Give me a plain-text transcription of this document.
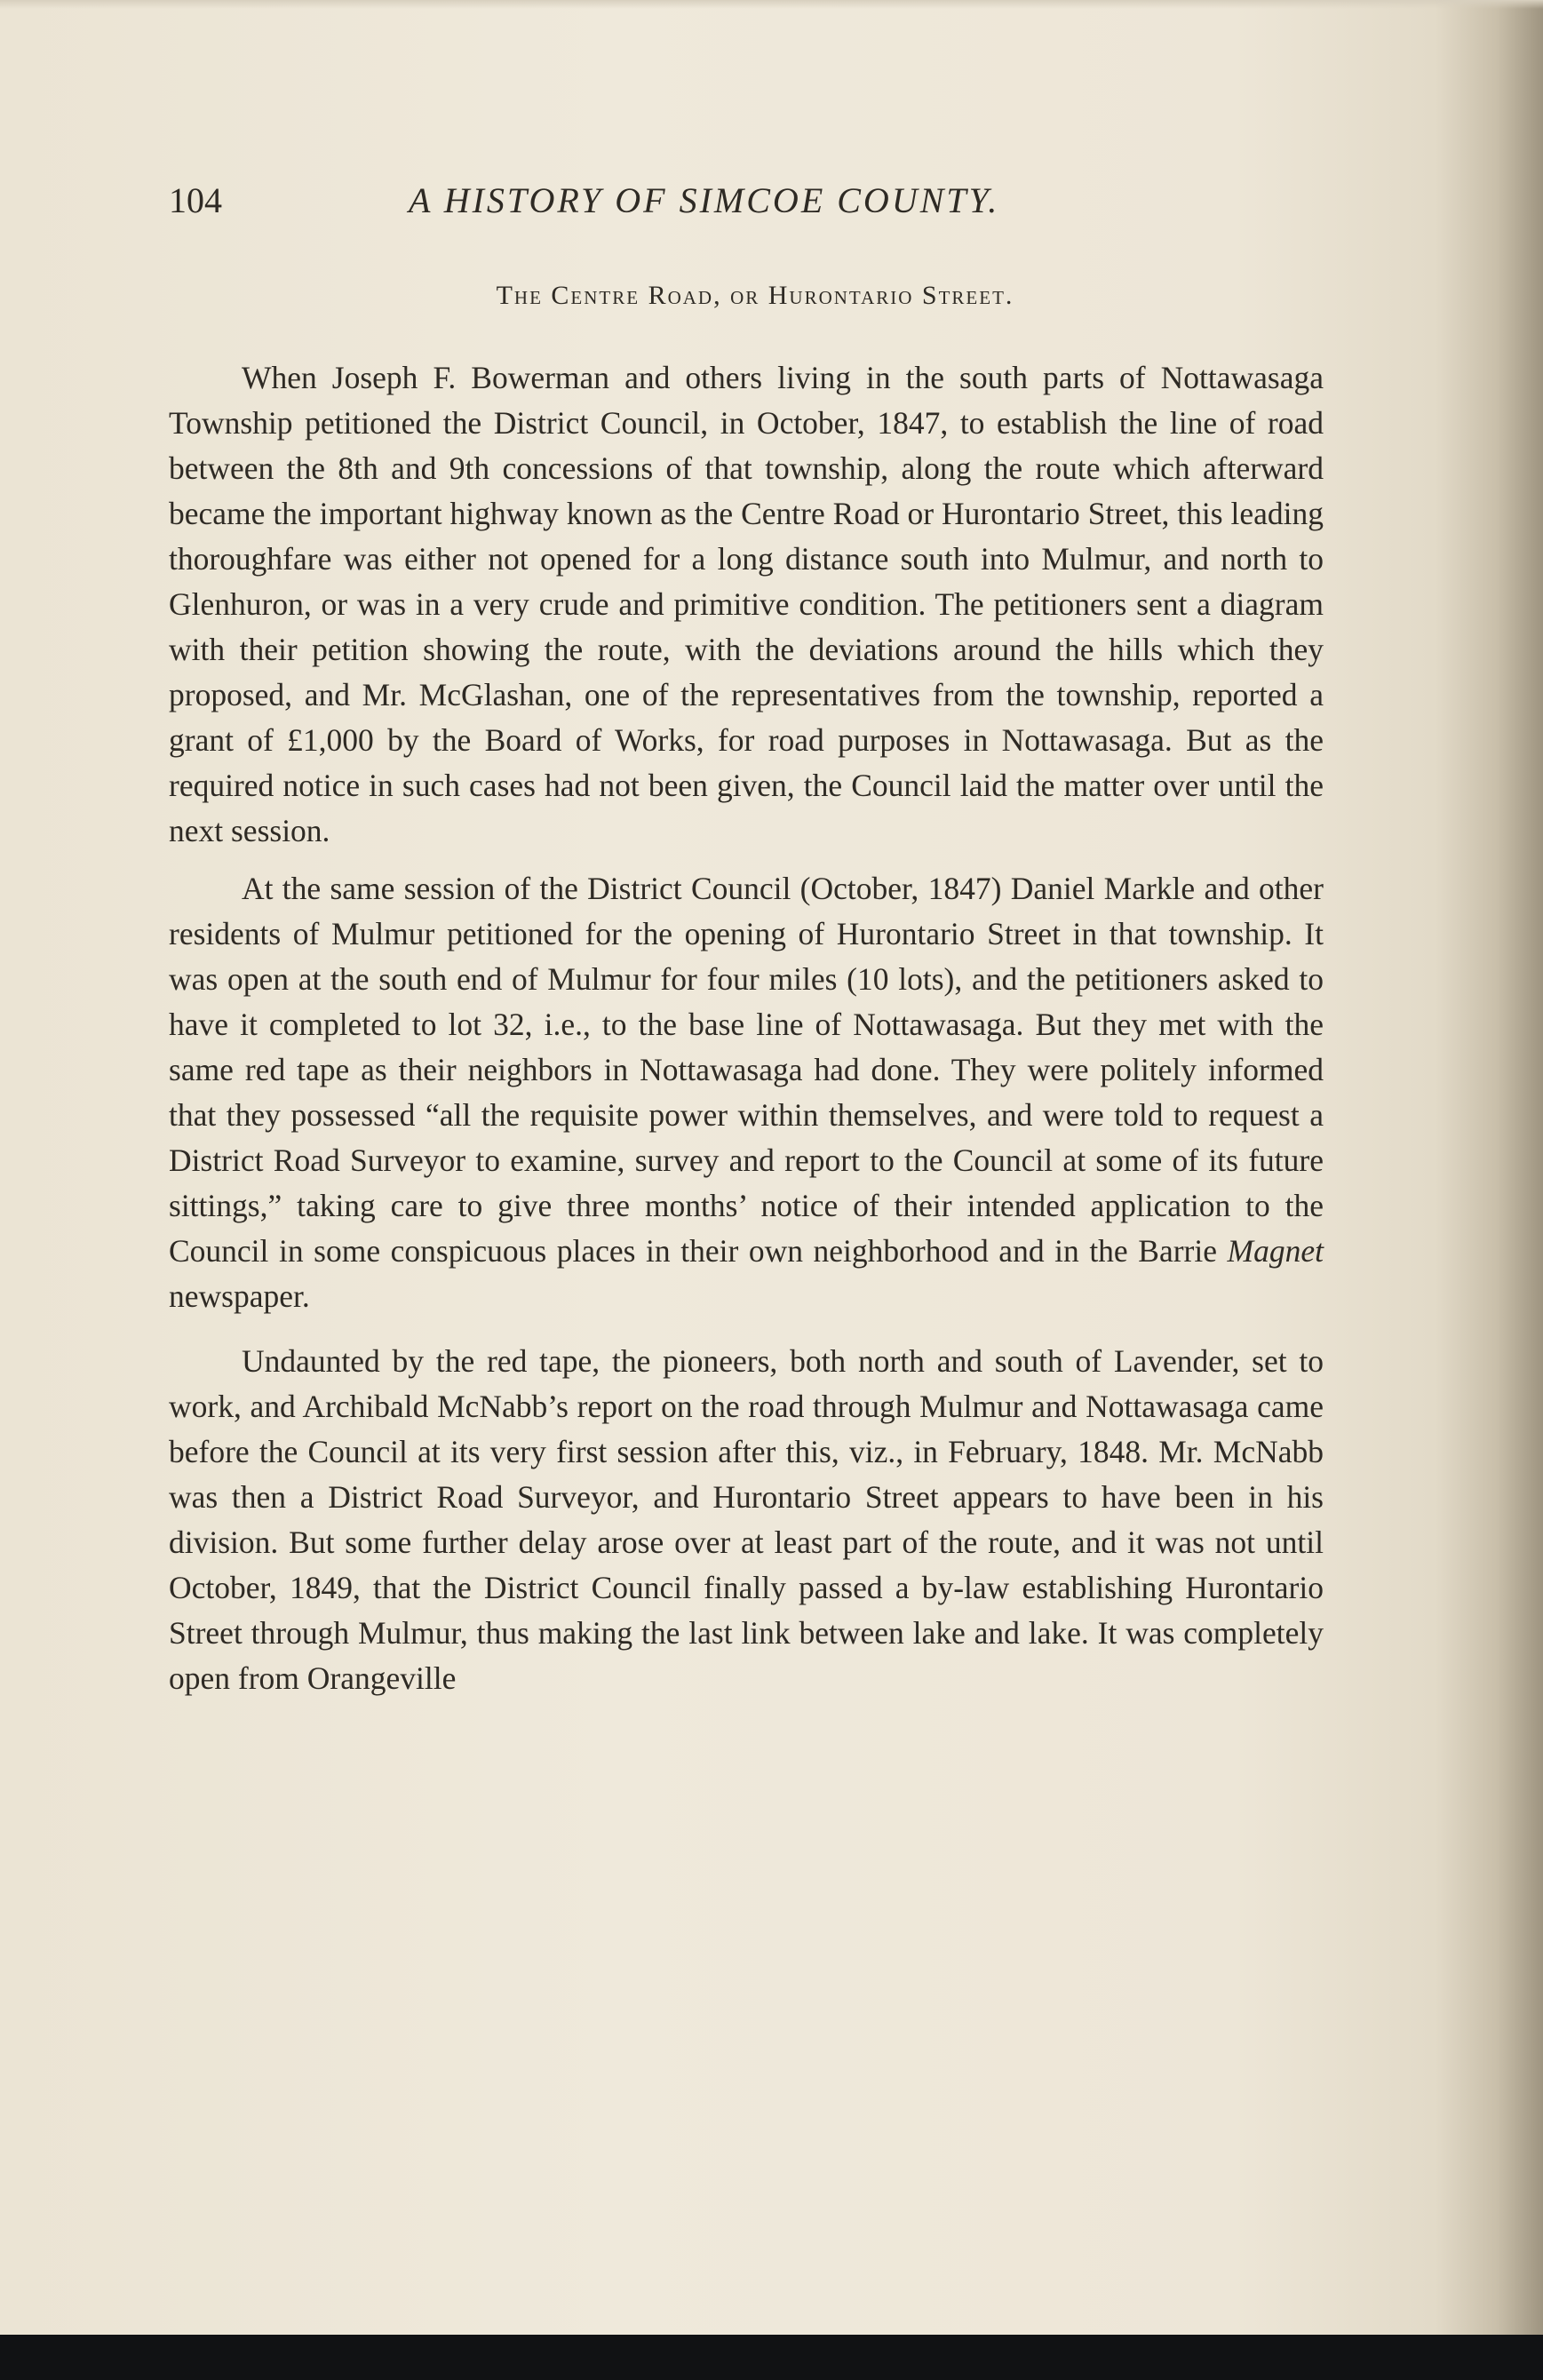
104	A HISTORY OF SIMCOE COUNTY.
The Centre Road, or Hurontario Street.

When Joseph F. Bowerman and others living in the south parts of Nottawasaga Township petitioned the District Council, in October, 1847, to establish the line of road between the 8th and 9th concessions of that township, along the route which afterward became the important highway known as the Centre Road or Hurontario Street, this leading thoroughfare was either not opened for a long distance south into Mulmur, and north to Glenhuron, or was in a very crude and primitive condition. The petitioners sent a diagram with their petition showing the route, with the deviations around the hills which they proposed, and Mr. McGlashan, one of the representatives from the township, reported a grant of £1,000 by the Board of Works, for road purposes in Nottawasaga. But as the required notice in such cases had not been given, the Council laid the matter over until the next session.

At the same session of the District Council (October, 1847) Daniel Markle and other residents of Mulmur petitioned for the opening of Hurontario Street in that township. It was open at the south end of Mulmur for four miles (10 lots), and the petitioners asked to have it completed to lot 32, i.e., to the base line of Nottawasaga. But they met with the same red tape as their neighbors in Nottawasaga had done. They were politely informed that they possessed “all the requisite power within themselves, and were told to request a District Road Surveyor to examine, survey and report to the Council at some of its future sittings,” taking care to give three months’ notice of their intended application to the Council in some conspicuous places in their own neighborhood and in the Barrie Magnet newspaper.

Undaunted by the red tape, the pioneers, both north and south of Lavender, set to work, and Archibald McNabb’s report on the road through Mulmur and Nottawasaga came before the Council at its very first session after this, viz., in February, 1848. Mr. McNabb was then a District Road Surveyor, and Hurontario Street appears to have been in his division. But some further delay arose over at least part of the route, and it was not until October, 1849, that the District Council finally passed a by-law establishing Hurontario Street through Mulmur, thus making the last link between lake and lake. It was completely open from Orangeville
